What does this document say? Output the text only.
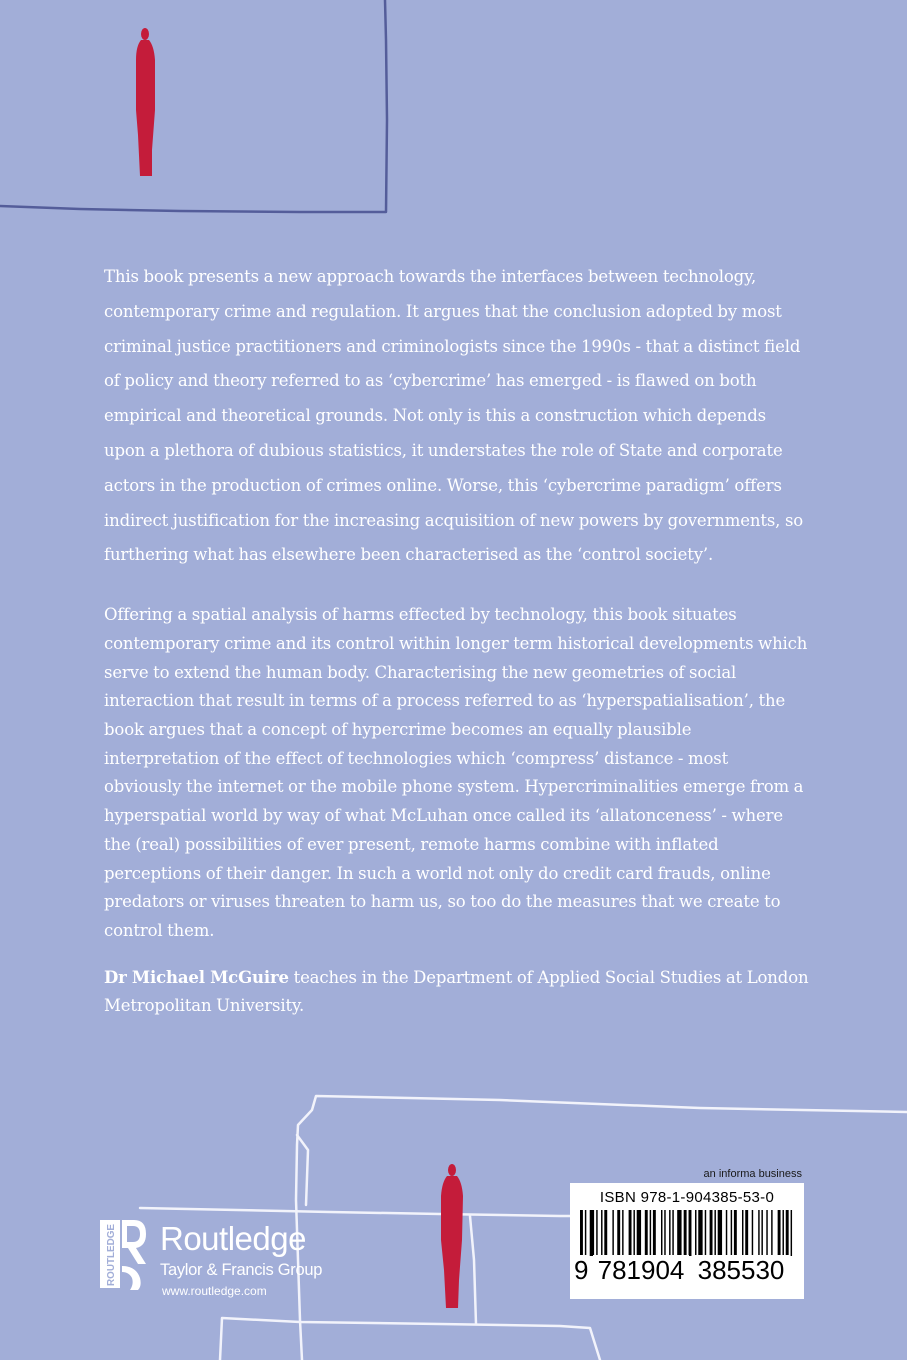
This book presents a new approach towards the interfaces between technology, contemporary crime and regulation. It argues that the conclusion adopted by most criminal justice practitioners and criminologists since the 1990s - that a distinct field of policy and theory referred to as ‘cybercrime’ has emerged - is flawed on both empirical and theoretical grounds. Not only is this a construction which depends upon a plethora of dubious statistics, it understates the role of State and corporate actors in the production of crimes online. Worse, this ‘cybercrime paradigm’ offers indirect justification for the increasing acquisition of new powers by governments, so furthering what has elsewhere been characterised as the ‘control society’.

Offering a spatial analysis of harms effected by technology, this book situates contemporary crime and its control within longer term historical developments which serve to extend the human body. Characterising the new geometries of social interaction that result in terms of a process referred to as ‘hyperspatialisation’, the book argues that a concept of hypercrime becomes an equally plausible interpretation of the effect of technologies which ‘compress’ distance - most obviously the internet or the mobile phone system. Hypercriminalities emerge from a hyperspatial world by way of what McLuhan once called its ‘allatonceness’ - where the (real) possibilities of ever present, remote harms combine with inflated perceptions of their danger. In such a world not only do credit card frauds, online predators or viruses threaten to harm us, so too do the measures that we create to control them.

Dr Michael McGuire teaches in the Department of Applied Social Studies at London Metropolitan University.

ROUTLEDGE Routledge
Taylor & Francis Group
www.routledge.com
an informa business
ISBN 978-1-904385-53-0
9 781904 385530
